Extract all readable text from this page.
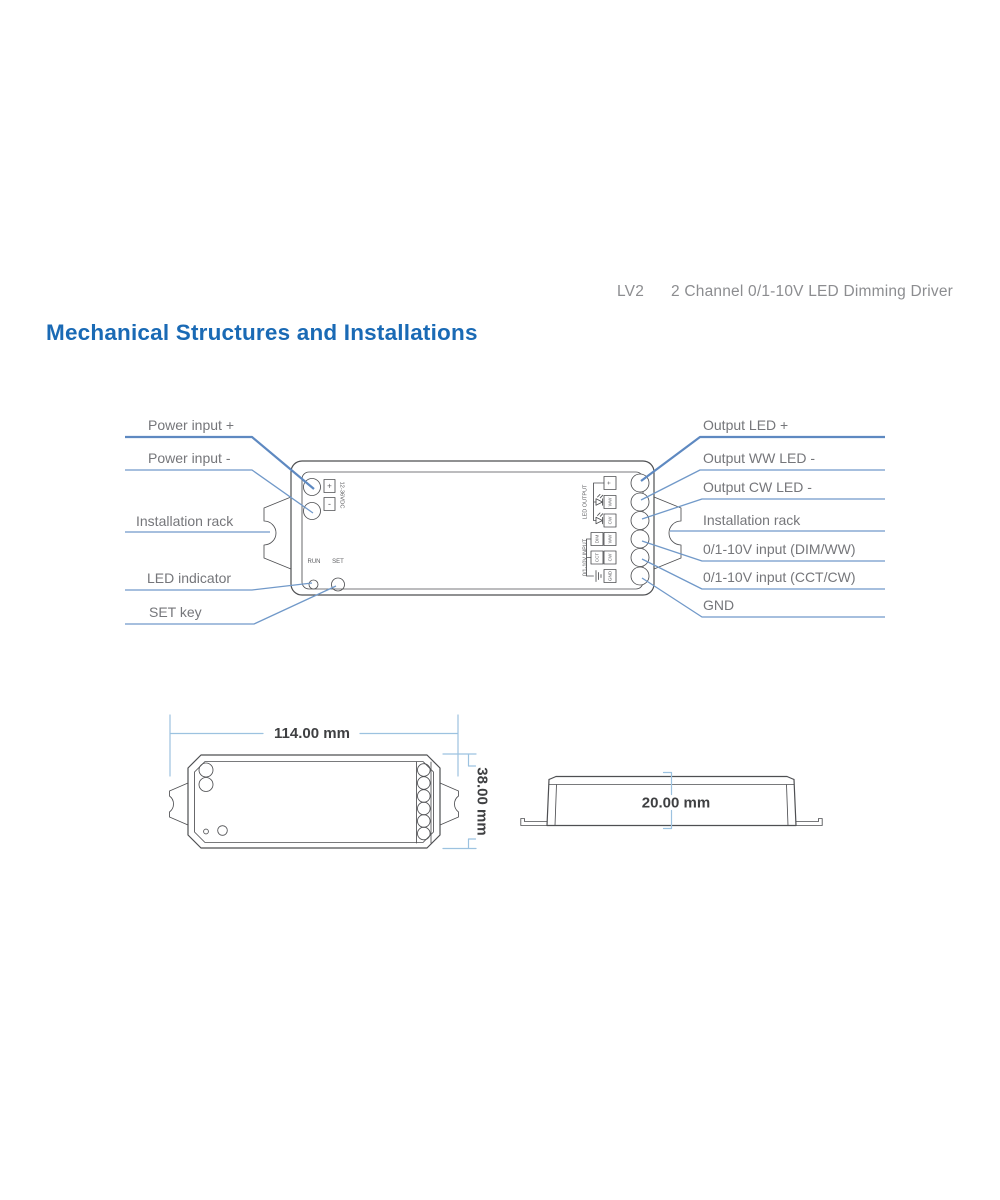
LV2 2 Channel 0/1-10V LED Dimming Driver
Mechanical Structures and Installations
+
- 12-36VDC
RUN SET
LED OUTPUT
0/1-10V INPUT
+
WW
CW
WW
CW
GND
DIM
CCT
Power input +
Power input -
Installation rack
LED indicator
SET key
Output LED +
Output WW LED -
Output CW LED -
Installation rack
0/1-10V input (DIM/WW)
0/1-10V input (CCT/CW)
GND
114.00 mm
38.00 mm	20.00 mm
